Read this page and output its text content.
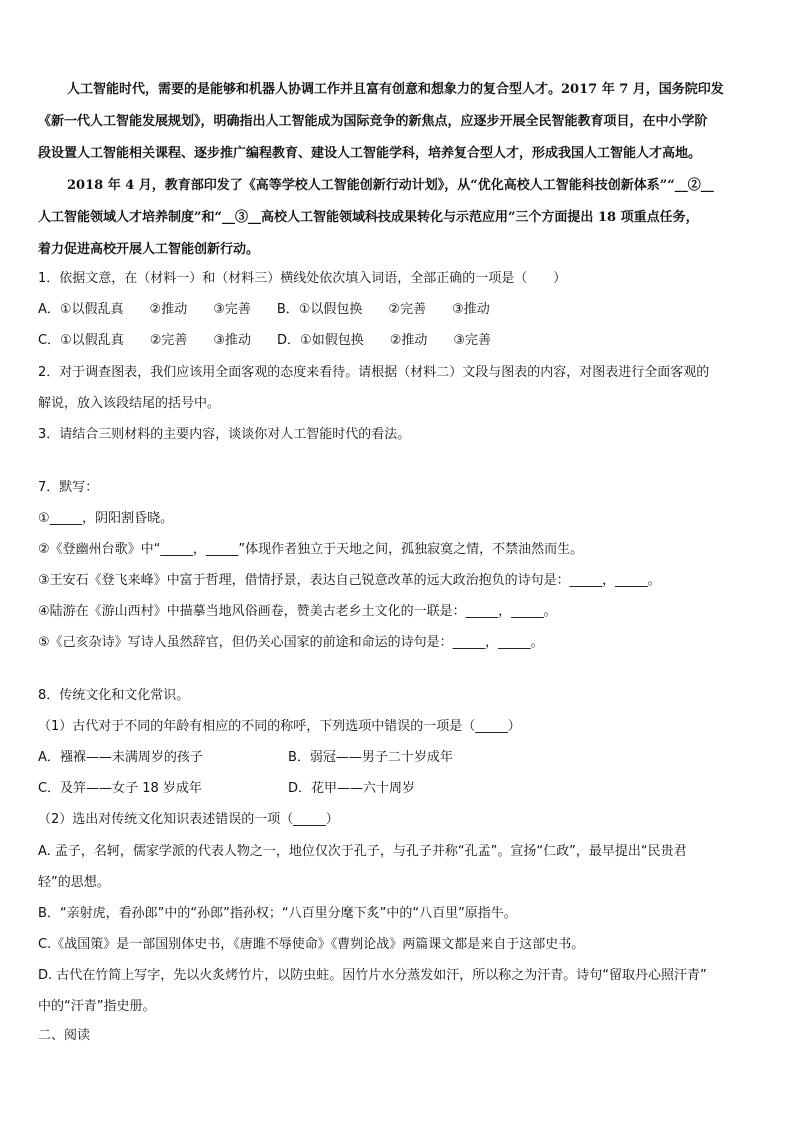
人工智能时代，需要的是能够和机器人协调工作并且富有创意和想象力的复合型人才。2017 年 7 月，国务院印发
《新一代人工智能发展规划》，明确指出人工智能成为国际竞争的新焦点，应逐步开展全民智能教育项目，在中小学阶
段设置人工智能相关课程、逐步推广编程教育、建设人工智能学科，培养复合型人才，形成我国人工智能人才高地。
2018 年 4 月，教育部印发了《高等学校人工智能创新行动计划》，从“优化高校人工智能科技创新体系”“__②__
人工智能领域人才培养制度”和“__③__高校人工智能领域科技成果转化与示范应用”三个方面提出 18 项重点任务，
着力促进高校开展人工智能创新行动。
1．依据文意，在（材料一）和（材料三）横线处依次填入词语，全部正确的一项是（　　）
A．①以假乱真　　②推动　　③完善　　B．①以假包换　　②完善　　③推动
C．①以假乱真　　②完善　　③推动　　D．①如假包换　　②推动　　③完善
2．对于调查图表，我们应该用全面客观的态度来看待。请根据（材料二）文段与图表的内容，对图表进行全面客观的
解说，放入该段结尾的括号中。
3．请结合三则材料的主要内容，谈谈你对人工智能时代的看法。
7．默写：
①_____，阴阳割昏晓。
②《登幽州台歌》中“_____，_____”体现作者独立于天地之间，孤独寂寞之情，不禁油然而生。
③王安石《登飞来峰》中富于哲理，借情抒景，表达自己锐意改革的远大政治抱负的诗句是：_____，_____。
④陆游在《游山西村》中描摹当地风俗画卷，赞美古老乡土文化的一联是：_____，_____。
⑤《己亥杂诗》写诗人虽然辞官，但仍关心国家的前途和命运的诗句是：_____，_____。
8．传统文化和文化常识。
（1）古代对于不同的年龄有相应的不同的称呼，下列选项中错误的一项是（_____）
A．襁褓——未满周岁的孩子	B．弱冠——男子二十岁成年
C．及笄——女子 18 岁成年	D．花甲——六十周岁
（2）选出对传统文化知识表述错误的一项（_____）
A. 孟子，名轲，儒家学派的代表人物之一，地位仅次于孔子，与孔子并称“孔孟”。宣扬“仁政”，最早提出“民贵君
轻”的思想。
B．“亲射虎，看孙郎”中的“孙郎”指孙权；“八百里分麾下炙”中的“八百里”原指牛。
C.《战国策》是一部国别体史书，《唐雎不辱使命》《曹刿论战》两篇课文都是来自于这部史书。
D. 古代在竹简上写字，先以火炙烤竹片，以防虫蛀。因竹片水分蒸发如汗，所以称之为汗青。诗句“留取丹心照汗青”
中的“汗青”指史册。
二、阅读
